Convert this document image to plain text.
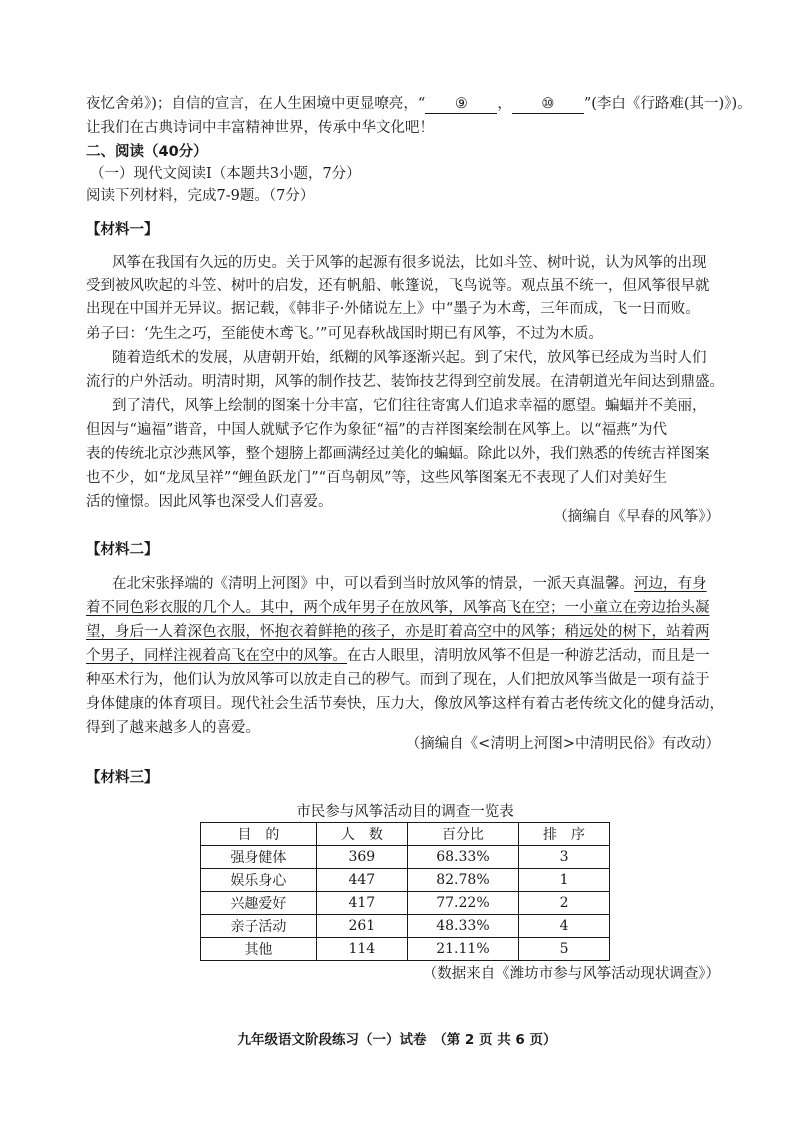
夜忆舍弟》)；自信的宣言，在人生困境中更显嘹亮，“ ⑨ ， ⑩ ”(李白《行路难(其一)》)。
让我们在古典诗词中丰富精神世界，传承中华文化吧！
二、阅读（40分）
（一）现代文阅读Ⅰ（本题共3小题，7分）
阅读下列材料，完成7-9题。（7分）
【材料一】
风筝在我国有久远的历史。关于风筝的起源有很多说法，比如斗笠、树叶说，认为风筝的出现
受到被风吹起的斗笠、树叶的启发，还有帆船、帐篷说，飞鸟说等。观点虽不统一，但风筝很早就
出现在中国并无异议。据记载，《韩非子·外储说左上》中“墨子为木鸢，三年而成，飞一日而败。
弟子曰：‘先生之巧，至能使木鸢飞。’”可见春秋战国时期已有风筝，不过为木质。
随着造纸术的发展，从唐朝开始，纸糊的风筝逐渐兴起。到了宋代，放风筝已经成为当时人们
流行的户外活动。明清时期，风筝的制作技艺、装饰技艺得到空前发展。在清朝道光年间达到鼎盛。
到了清代，风筝上绘制的图案十分丰富，它们往往寄寓人们追求幸福的愿望。蝙蝠并不美丽，
但因与“遍福”谐音，中国人就赋予它作为象征“福”的吉祥图案绘制在风筝上。以“福燕”为代
表的传统北京沙燕风筝，整个翅膀上都画满经过美化的蝙蝠。除此以外，我们熟悉的传统吉祥图案
也不少，如“龙凤呈祥”“鲤鱼跃龙门”“百鸟朝凤”等，这些风筝图案无不表现了人们对美好生
活的憧憬。因此风筝也深受人们喜爱。
（摘编自《早春的风筝》）
【材料二】
在北宋张择端的《清明上河图》中，可以看到当时放风筝的情景，一派天真温馨。河边，有身
着不同色彩衣服的几个人。其中，两个成年男子在放风筝，风筝高飞在空；一小童立在旁边抬头凝
望，身后一人着深色衣服，怀抱衣着鲜艳的孩子，亦是盯着高空中的风筝；稍远处的树下，站着两
个男子，同样注视着高飞在空中的风筝。在古人眼里，清明放风筝不但是一种游艺活动，而且是一
种巫术行为，他们认为放风筝可以放走自己的秽气。而到了现在，人们把放风筝当做是一项有益于
身体健康的体育项目。现代社会生活节奏快，压力大，像放风筝这样有着古老传统文化的健身活动，
得到了越来越多人的喜爱。
（摘编自《<清明上河图>中清明民俗》有改动）
【材料三】
市民参与风筝活动目的调查一览表
目　的	人　数	百分比	排　序
强身健体	369	68.33%	3
娱乐身心	447	82.78%	1
兴趣爱好	417	77.22%	2
亲子活动	261	48.33%	4
其他	114	21.11%	5
（数据来自《潍坊市参与风筝活动现状调查》）
九年级语文阶段练习（一）试卷　（第 2 页 共 6 页）
